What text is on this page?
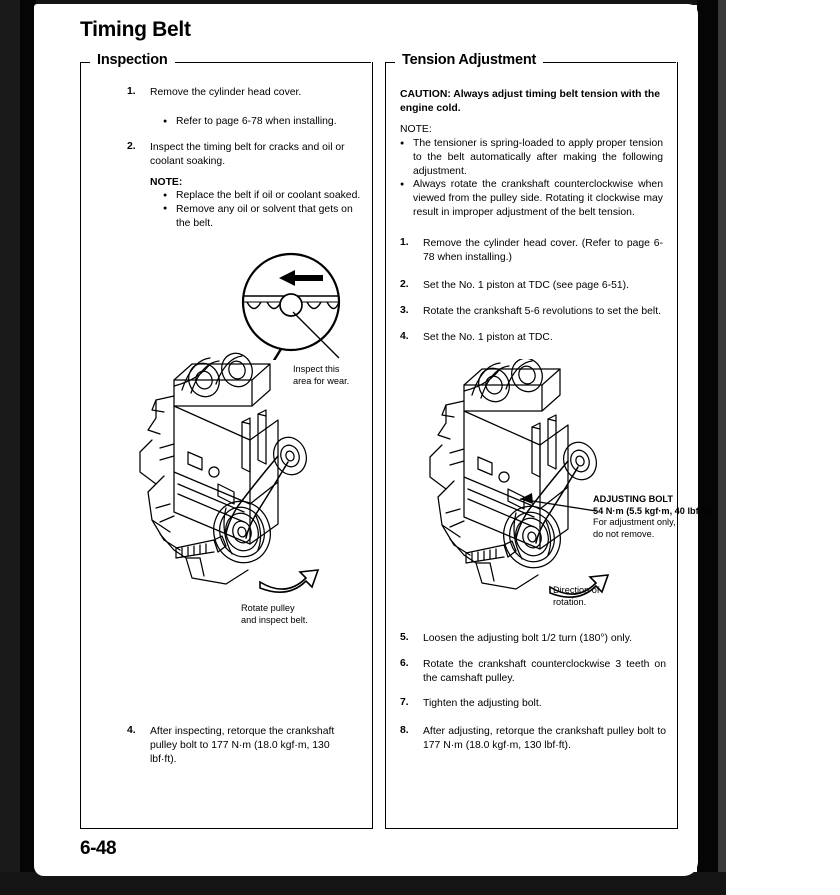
Timing Belt
Inspection
1. Remove the cylinder head cover.
● Refer to page 6-78 when installing.
2. Inspect the timing belt for cracks and oil or coolant soaking.
NOTE:
● Replace the belt if oil or coolant soaked.
● Remove any oil or solvent that gets on the belt.
Inspect this
area for wear.
Rotate pulley
and inspect belt.
4. After inspecting, retorque the crankshaft pulley bolt to 177 N·m (18.0 kgf·m, 130 lbf·ft).
Tension Adjustment
CAUTION: Always adjust timing belt tension with the engine cold.
NOTE:
● The tensioner is spring-loaded to apply proper tension to the belt automatically after making the following adjustment.
● Always rotate the crankshaft counterclockwise when viewed from the pulley side. Rotating it clockwise may result in improper adjustment of the belt tension.
1. Remove the cylinder head cover. (Refer to page 6-78 when installing.)
2. Set the No. 1 piston at TDC (see page 6-51).
3. Rotate the crankshaft 5-6 revolutions to set the belt.
4. Set the No. 1 piston at TDC.
ADJUSTING BOLT
54 N·m (5.5 kgf·m, 40 lbf·ft)
For adjustment only,
do not remove.
Direction of
rotation.
5. Loosen the adjusting bolt 1/2 turn (180°) only.
6. Rotate the crankshaft counterclockwise 3 teeth on the camshaft pulley.
7. Tighten the adjusting bolt.
8. After adjusting, retorque the crankshaft pulley bolt to 177 N·m (18.0 kgf·m, 130 lbf·ft).
6-48
